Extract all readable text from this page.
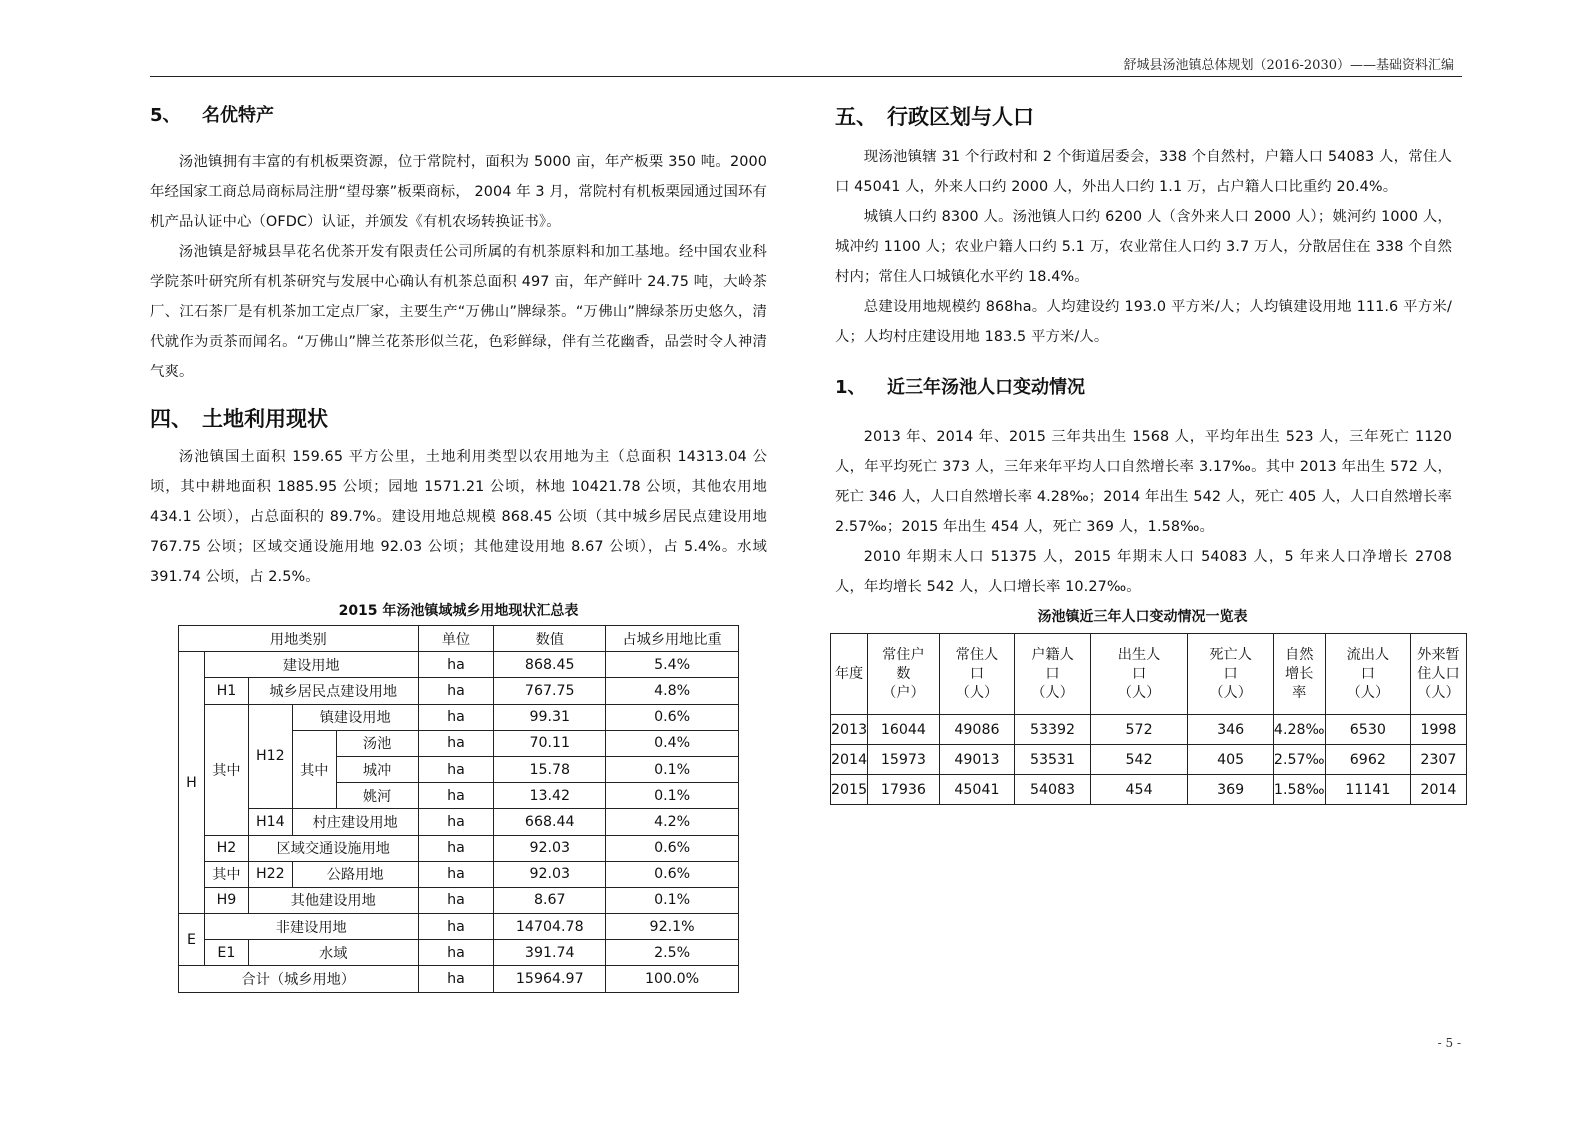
舒城县汤池镇总体规划（2016-2030）——基础资料汇编
5、 名优特产

汤池镇拥有丰富的有机板栗资源，位于常院村，面积为 5000 亩，年产板栗 350 吨。2000 年经国家工商总局商标局注册“望母寨”板栗商标， 2004 年 3 月，常院村有机板栗园通过国环有机产品认证中心（OFDC）认证，并颁发《有机农场转换证书》。

汤池镇是舒城县旱花名优茶开发有限责任公司所属的有机茶原料和加工基地。经中国农业科学院茶叶研究所有机茶研究与发展中心确认有机茶总面积 497 亩，年产鲜叶 24.75 吨，大岭茶厂、江石茶厂是有机茶加工定点厂家，主要生产“万佛山”牌绿茶。“万佛山”牌绿茶历史悠久，清代就作为贡茶而闻名。“万佛山”牌兰花茶形似兰花，色彩鲜绿，伴有兰花幽香，品尝时令人神清气爽。

四、 土地利用现状

汤池镇国土面积 159.65 平方公里，土地利用类型以农用地为主（总面积 14313.04 公顷，其中耕地面积 1885.95 公顷；园地 1571.21 公顷，林地 10421.78 公顷，其他农用地 434.1 公顷），占总面积的 89.7%。建设用地总规模 868.45 公顷（其中城乡居民点建设用地 767.75 公顷；区域交通设施用地 92.03 公顷；其他建设用地 8.67 公顷），占 5.4%。水域 391.74 公顷，占 2.5%。

2015 年汤池镇域城乡用地现状汇总表

用地类别					单位	数值	占城乡用地比重
H	建设用地				ha	868.45	5.4%
	H1	城乡居民点建设用地			ha	767.75	4.8%
	其中	H12	镇建设用地		ha	99.31	0.6%
			其中	汤池	ha	70.11	0.4%
				城冲	ha	15.78	0.1%
				姚河	ha	13.42	0.1%
		H14	村庄建设用地		ha	668.44	4.2%
	H2	区域交通设施用地			ha	92.03	0.6%
	其中	H22	公路用地		ha	92.03	0.6%
	H9	其他建设用地			ha	8.67	0.1%
E	非建设用地				ha	14704.78	92.1%
	E1	水域			ha	391.74	2.5%
合计（城乡用地）					ha	15964.97	100.0%
五、 行政区划与人口

现汤池镇辖 31 个行政村和 2 个街道居委会，338 个自然村，户籍人口 54083 人，常住人口 45041 人，外来人口约 2000 人，外出人口约 1.1 万，占户籍人口比重约 20.4%。

城镇人口约 8300 人。汤池镇人口约 6200 人（含外来人口 2000 人）；姚河约 1000 人，城冲约 1100 人；农业户籍人口约 5.1 万，农业常住人口约 3.7 万人，分散居住在 338 个自然村内；常住人口城镇化水平约 18.4%。

总建设用地规模约 868ha。人均建设约 193.0 平方米/人；人均镇建设用地 111.6 平方米/人；人均村庄建设用地 183.5 平方米/人。

1、 近三年汤池人口变动情况

2013 年、2014 年、2015 三年共出生 1568 人，平均年出生 523 人，三年死亡 1120 人，年平均死亡 373 人，三年来年平均人口自然增长率 3.17‰。其中 2013 年出生 572 人，死亡 346 人，人口自然增长率 4.28‰；2014 年出生 542 人，死亡 405 人，人口自然增长率 2.57‰；2015 年出生 454 人，死亡 369 人，1.58‰。

2010 年期末人口 51375 人，2015 年期末人口 54083 人，5 年来人口净增长 2708 人，年均增长 542 人，人口增长率 10.27‰。

汤池镇近三年人口变动情况一览表

年度	常住户数（户）	常住人口（人）	户籍人口（人）	出生人口（人）	死亡人口（人）	自然增长率	流出人口（人）	外来暂住人口（人）
2013	16044	49086	53392	572	346	4.28‰	6530	1998
2014	15973	49013	53531	542	405	2.57‰	6962	2307
2015	17936	45041	54083	454	369	1.58‰	11141	2014
- 5 -
